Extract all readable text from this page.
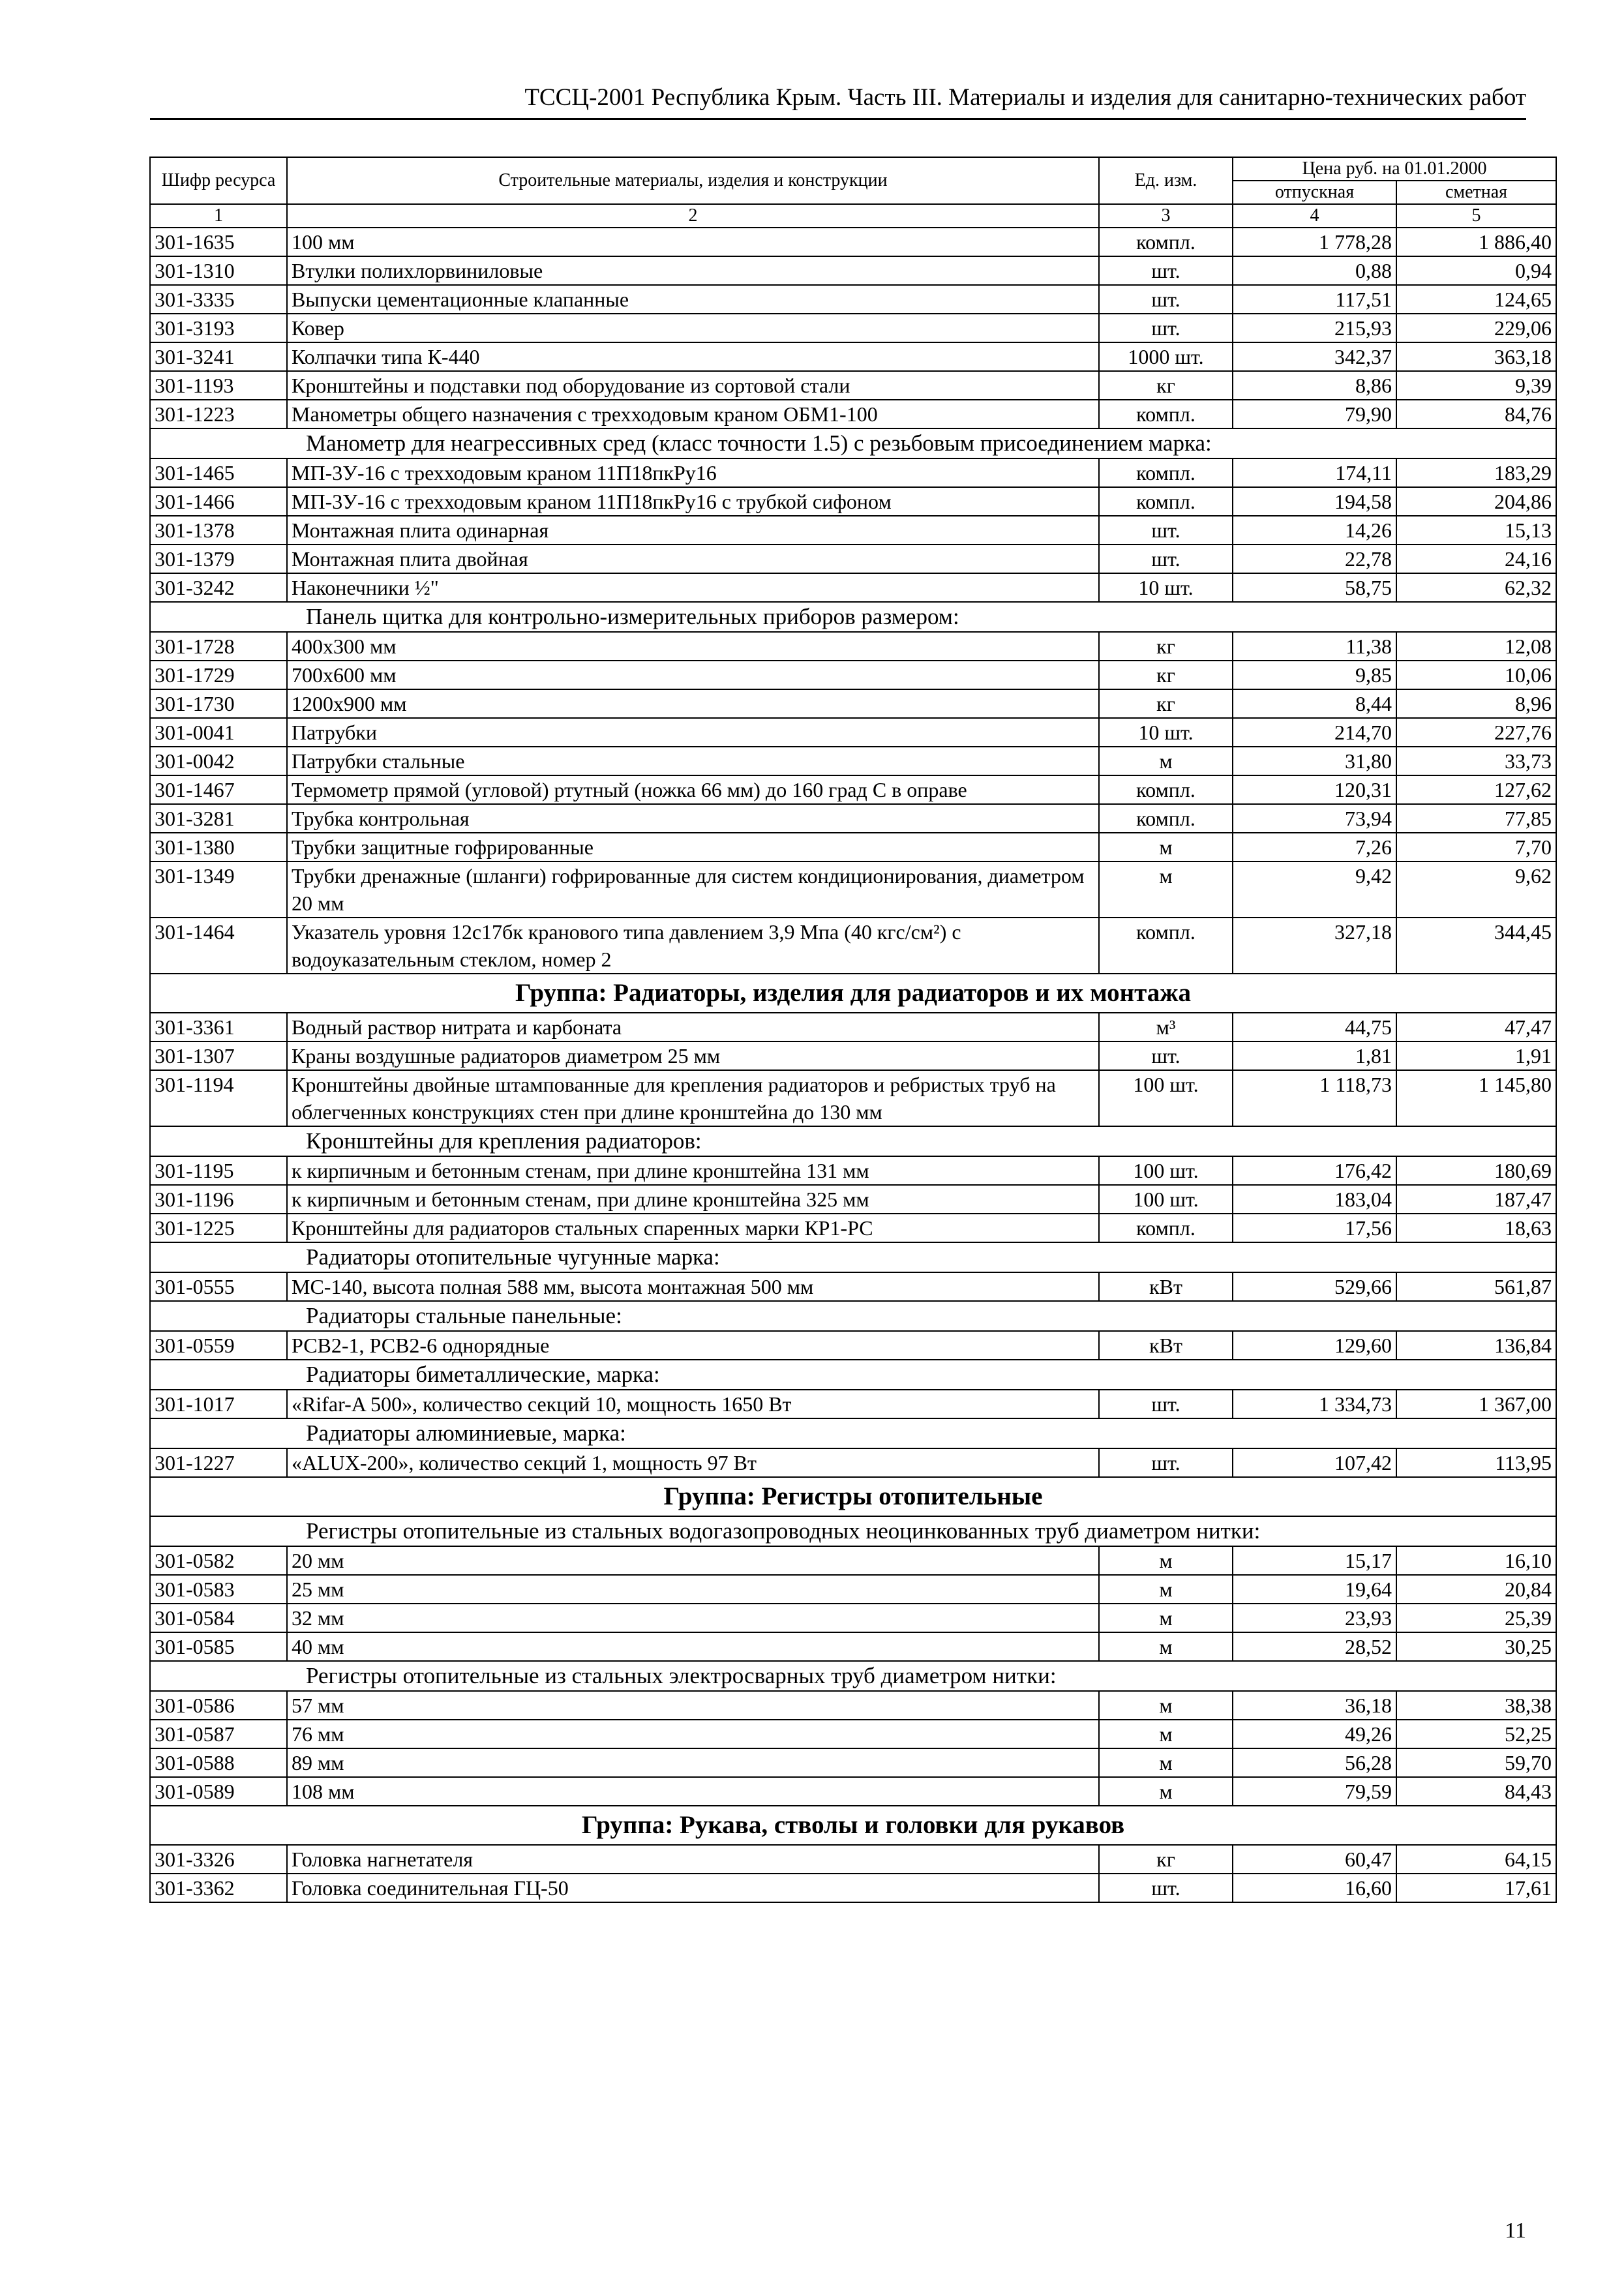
ТССЦ-2001 Республика Крым. Часть III. Материалы и изделия для санитарно-технических работ
Шифр ресурса	Строительные материалы, изделия и конструкции	Ед. изм.	Цена руб. на 01.01.2000	
			отпускная	сметная
1	2	3	4	5
301-1635	100 мм	компл.	1 778,28	1 886,40
301-1310	Втулки полихлорвиниловые	шт.	0,88	0,94
301-3335	Выпуски цементационные клапанные	шт.	117,51	124,65
301-3193	Ковер	шт.	215,93	229,06
301-3241	Колпачки типа К-440	1000 шт.	342,37	363,18
301-1193	Кронштейны и подставки под оборудование из сортовой стали	кг	8,86	9,39
301-1223	Манометры общего назначения с трехходовым краном ОБМ1-100	компл.	79,90	84,76
Манометр для неагрессивных сред (класс точности 1.5) с резьбовым присоединением марка:				
301-1465	МП-3У-16 с трехходовым краном 11П18пкРу16	компл.	174,11	183,29
301-1466	МП-3У-16 с трехходовым краном 11П18пкРу16 с трубкой сифоном	компл.	194,58	204,86
301-1378	Монтажная плита одинарная	шт.	14,26	15,13
301-1379	Монтажная плита двойная	шт.	22,78	24,16
301-3242	Наконечники ½"	10 шт.	58,75	62,32
Панель щитка для контрольно-измерительных приборов размером:				
301-1728	400х300 мм	кг	11,38	12,08
301-1729	700х600 мм	кг	9,85	10,06
301-1730	1200х900 мм	кг	8,44	8,96
301-0041	Патрубки	10 шт.	214,70	227,76
301-0042	Патрубки стальные	м	31,80	33,73
301-1467	Термометр прямой (угловой) ртутный (ножка 66 мм) до 160 град С в оправе	компл.	120,31	127,62
301-3281	Трубка контрольная	компл.	73,94	77,85
301-1380	Трубки защитные гофрированные	м	7,26	7,70
301-1349	Трубки дренажные (шланги) гофрированные для систем кондиционирования, диаметром 20 мм	м	9,42	9,62
301-1464	Указатель уровня 12с17бк кранового типа давлением 3,9 Мпа (40 кгс/см²) с водоуказательным стеклом, номер 2	компл.	327,18	344,45
Группа: Радиаторы, изделия для радиаторов и их монтажа				
301-3361	Водный раствор нитрата и карбоната	м³	44,75	47,47
301-1307	Краны воздушные радиаторов диаметром 25 мм	шт.	1,81	1,91
301-1194	Кронштейны двойные штампованные для крепления радиаторов и ребристых труб на облегченных конструкциях стен при длине кронштейна до 130 мм	100 шт.	1 118,73	1 145,80
Кронштейны для крепления радиаторов:				
301-1195	к кирпичным и бетонным стенам, при длине кронштейна 131 мм	100 шт.	176,42	180,69
301-1196	к кирпичным и бетонным стенам, при длине кронштейна 325 мм	100 шт.	183,04	187,47
301-1225	Кронштейны для радиаторов стальных спаренных марки КР1-РС	компл.	17,56	18,63
Радиаторы отопительные чугунные марка:				
301-0555	МС-140, высота полная 588 мм, высота монтажная 500 мм	кВт	529,66	561,87
Радиаторы стальные панельные:				
301-0559	РСВ2-1, РСВ2-6 однорядные	кВт	129,60	136,84
Радиаторы биметаллические, марка:				
301-1017	«Rifar-A 500», количество секций 10, мощность 1650 Вт	шт.	1 334,73	1 367,00
Радиаторы алюминиевые, марка:				
301-1227	«ALUX-200», количество секций 1, мощность 97 Вт	шт.	107,42	113,95
Группа: Регистры отопительные				
Регистры отопительные из стальных водогазопроводных неоцинкованных труб диаметром нитки:				
301-0582	20 мм	м	15,17	16,10
301-0583	25 мм	м	19,64	20,84
301-0584	32 мм	м	23,93	25,39
301-0585	40 мм	м	28,52	30,25
Регистры отопительные из стальных электросварных труб диаметром нитки:				
301-0586	57 мм	м	36,18	38,38
301-0587	76 мм	м	49,26	52,25
301-0588	89 мм	м	56,28	59,70
301-0589	108 мм	м	79,59	84,43
Группа: Рукава, стволы и головки для рукавов				
301-3326	Головка нагнетателя	кг	60,47	64,15
301-3362	Головка соединительная ГЦ-50	шт.	16,60	17,61
11
